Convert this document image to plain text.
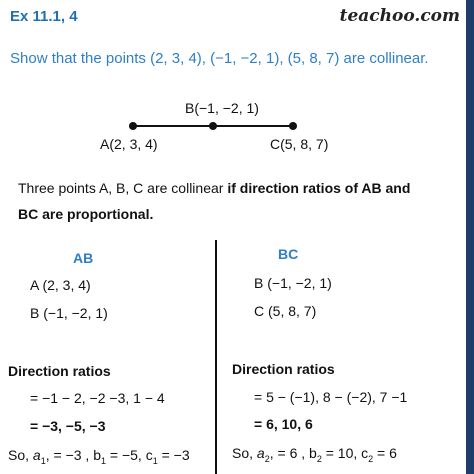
Ex 11.1, 4	teachoo.com
Show that the points (2, 3, 4), (−1, −2, 1), (5, 8, 7) are collinear.
B(−1, −2, 1)
A(2, 3, 4)	C(5, 8, 7)
Three points A, B, C are collinear if direction ratios of AB and
BC are proportional.
AB
A (2, 3, 4)
B (−1, −2, 1)
Direction ratios
= −1 − 2, −2 −3, 1 − 4
= −3, −5, −3
So, $a_1$, = −3 , $b_1 = -5$, $c_1 = -3$
BC
B (−1, −2, 1)
C (5, 8, 7)
Direction ratios
= 5 − (−1), 8 − (−2), 7 −1
= 6, 10, 6
So, $a_2$, = 6 , $b_2 = 10$, $c_2 = 6$
